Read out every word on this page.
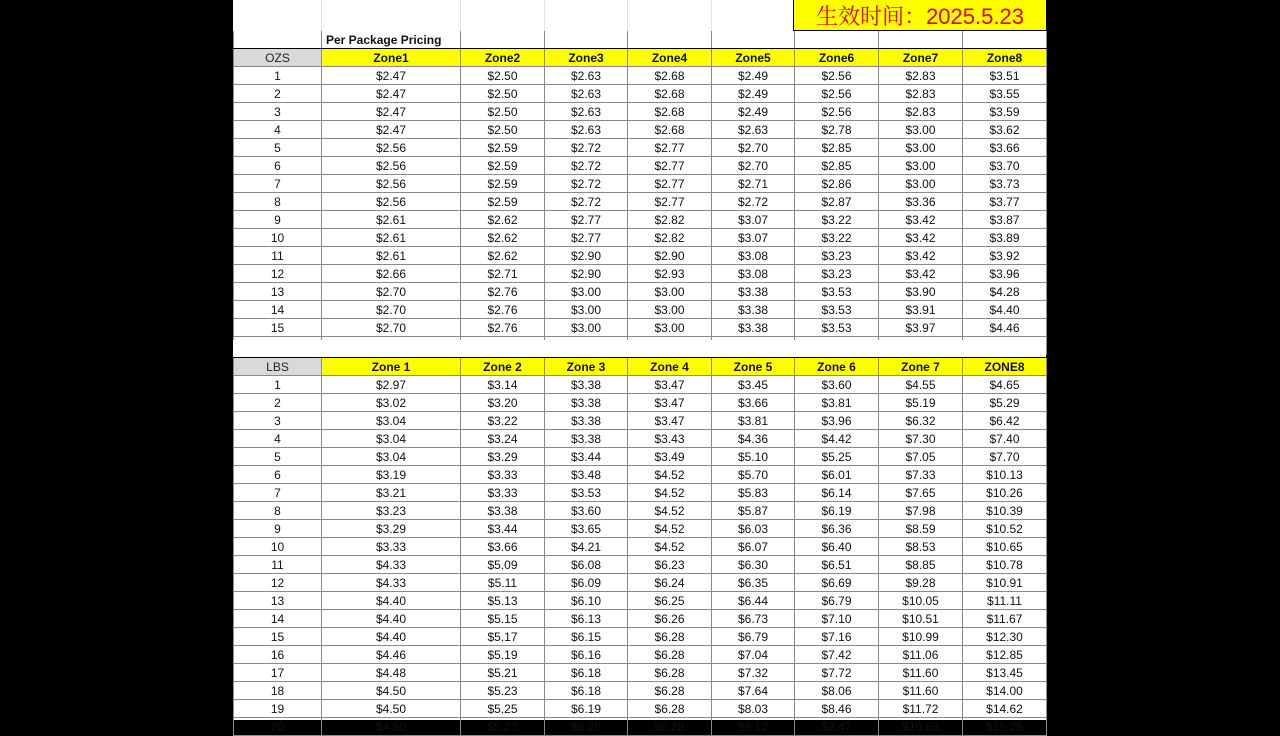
生效时间：2025.5.23
	Per Package Pricing							
OZS	Zone1	Zone2	Zone3	Zone4	Zone5	Zone6	Zone7	Zone8
1	$2.47	$2.50	$2.63	$2.68	$2.49	$2.56	$2.83	$3.51
2	$2.47	$2.50	$2.63	$2.68	$2.49	$2.56	$2.83	$3.55
3	$2.47	$2.50	$2.63	$2.68	$2.49	$2.56	$2.83	$3.59
4	$2.47	$2.50	$2.63	$2.68	$2.63	$2.78	$3.00	$3.62
5	$2.56	$2.59	$2.72	$2.77	$2.70	$2.85	$3.00	$3.66
6	$2.56	$2.59	$2.72	$2.77	$2.70	$2.85	$3.00	$3.70
7	$2.56	$2.59	$2.72	$2.77	$2.71	$2.86	$3.00	$3.73
8	$2.56	$2.59	$2.72	$2.77	$2.72	$2.87	$3.36	$3.77
9	$2.61	$2.62	$2.77	$2.82	$3.07	$3.22	$3.42	$3.87
10	$2.61	$2.62	$2.77	$2.82	$3.07	$3.22	$3.42	$3.89
11	$2.61	$2.62	$2.90	$2.90	$3.08	$3.23	$3.42	$3.92
12	$2.66	$2.71	$2.90	$2.93	$3.08	$3.23	$3.42	$3.96
13	$2.70	$2.76	$3.00	$3.00	$3.38	$3.53	$3.90	$4.28
14	$2.70	$2.76	$3.00	$3.00	$3.38	$3.53	$3.91	$4.40
15	$2.70	$2.76	$3.00	$3.00	$3.38	$3.53	$3.97	$4.46

LBS	Zone 1	Zone 2	Zone 3	Zone 4	Zone 5	Zone 6	Zone 7	ZONE8
1	$2.97	$3.14	$3.38	$3.47	$3.45	$3.60	$4.55	$4.65
2	$3.02	$3.20	$3.38	$3.47	$3.66	$3.81	$5.19	$5.29
3	$3.04	$3.22	$3.38	$3.47	$3.81	$3.96	$6.32	$6.42
4	$3.04	$3.24	$3.38	$3.43	$4.36	$4.42	$7.30	$7.40
5	$3.04	$3.29	$3.44	$3.49	$5.10	$5.25	$7.05	$7.70
6	$3.19	$3.33	$3.48	$4.52	$5.70	$6.01	$7.33	$10.13
7	$3.21	$3.33	$3.53	$4.52	$5.83	$6.14	$7.65	$10.26
8	$3.23	$3.38	$3.60	$4.52	$5.87	$6.19	$7.98	$10.39
9	$3.29	$3.44	$3.65	$4.52	$6.03	$6.36	$8.59	$10.52
10	$3.33	$3.66	$4.21	$4.52	$6.07	$6.40	$8.53	$10.65
11	$4.33	$5.09	$6.08	$6.23	$6.30	$6.51	$8.85	$10.78
12	$4.33	$5.11	$6.09	$6.24	$6.35	$6.69	$9.28	$10.91
13	$4.40	$5.13	$6.10	$6.25	$6.44	$6.79	$10.05	$11.11
14	$4.40	$5.15	$6.13	$6.26	$6.73	$7.10	$10.51	$11.67
15	$4.40	$5.17	$6.15	$6.28	$6.79	$7.16	$10.99	$12.30
16	$4.46	$5.19	$6.16	$6.28	$7.04	$7.42	$11.06	$12.85
17	$4.48	$5.21	$6.18	$6.28	$7.32	$7.72	$11.60	$13.45
18	$4.50	$5.23	$6.18	$6.28	$7.64	$8.06	$11.60	$14.00
19	$4.50	$5.25	$6.19	$6.28	$8.03	$8.46	$11.72	$14.62
20	$4.50	$5.27	$6.20	$6.28	$8.12	$8.47	$10.63	$15.25
